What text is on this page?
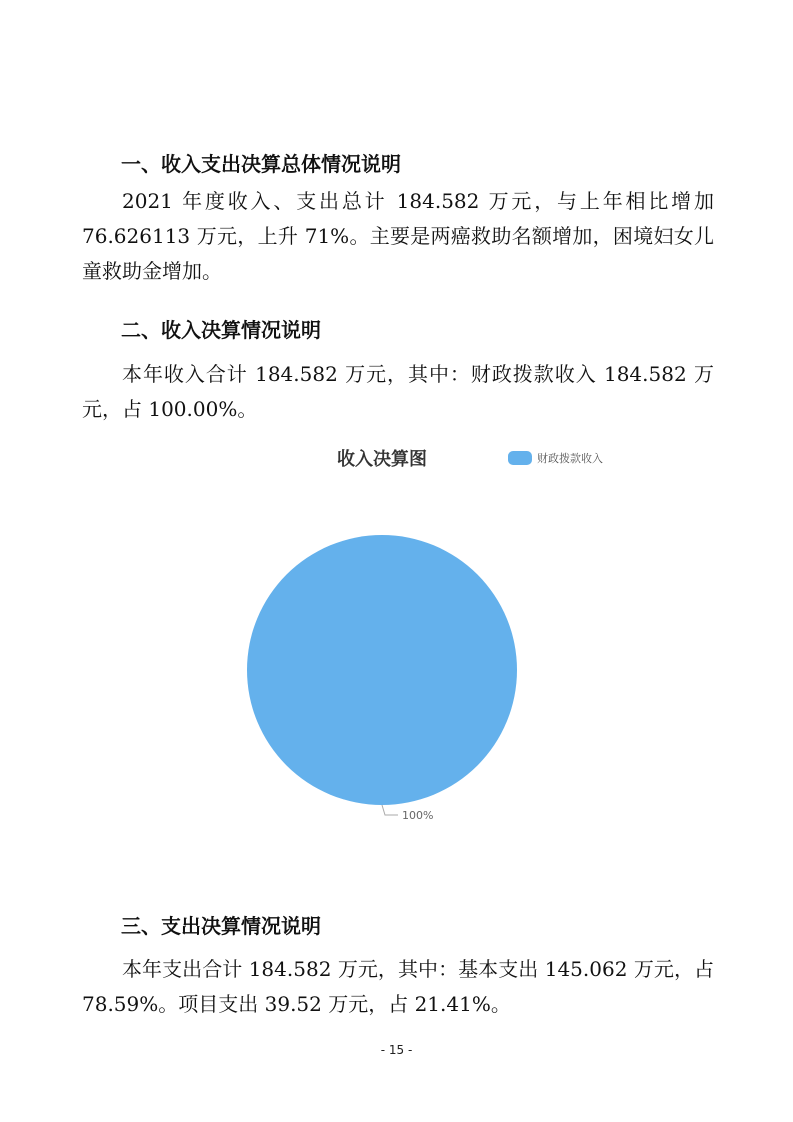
一、收入支出决算总体情况说明

2021 年度收入、支出总计 184.582 万元，与上年相比增加 76.626113 万元，上升 71%。主要是两癌救助名额增加，困境妇女儿童救助金增加。

二、收入决算情况说明

本年收入合计 184.582 万元，其中：财政拨款收入 184.582 万元，占 100.00%。

收入决算图	财政拨款收入
100%
三、支出决算情况说明

本年支出合计 184.582 万元，其中：基本支出 145.062 万元，占 78.59%。项目支出 39.52 万元，占 21.41%。

- 15 -
